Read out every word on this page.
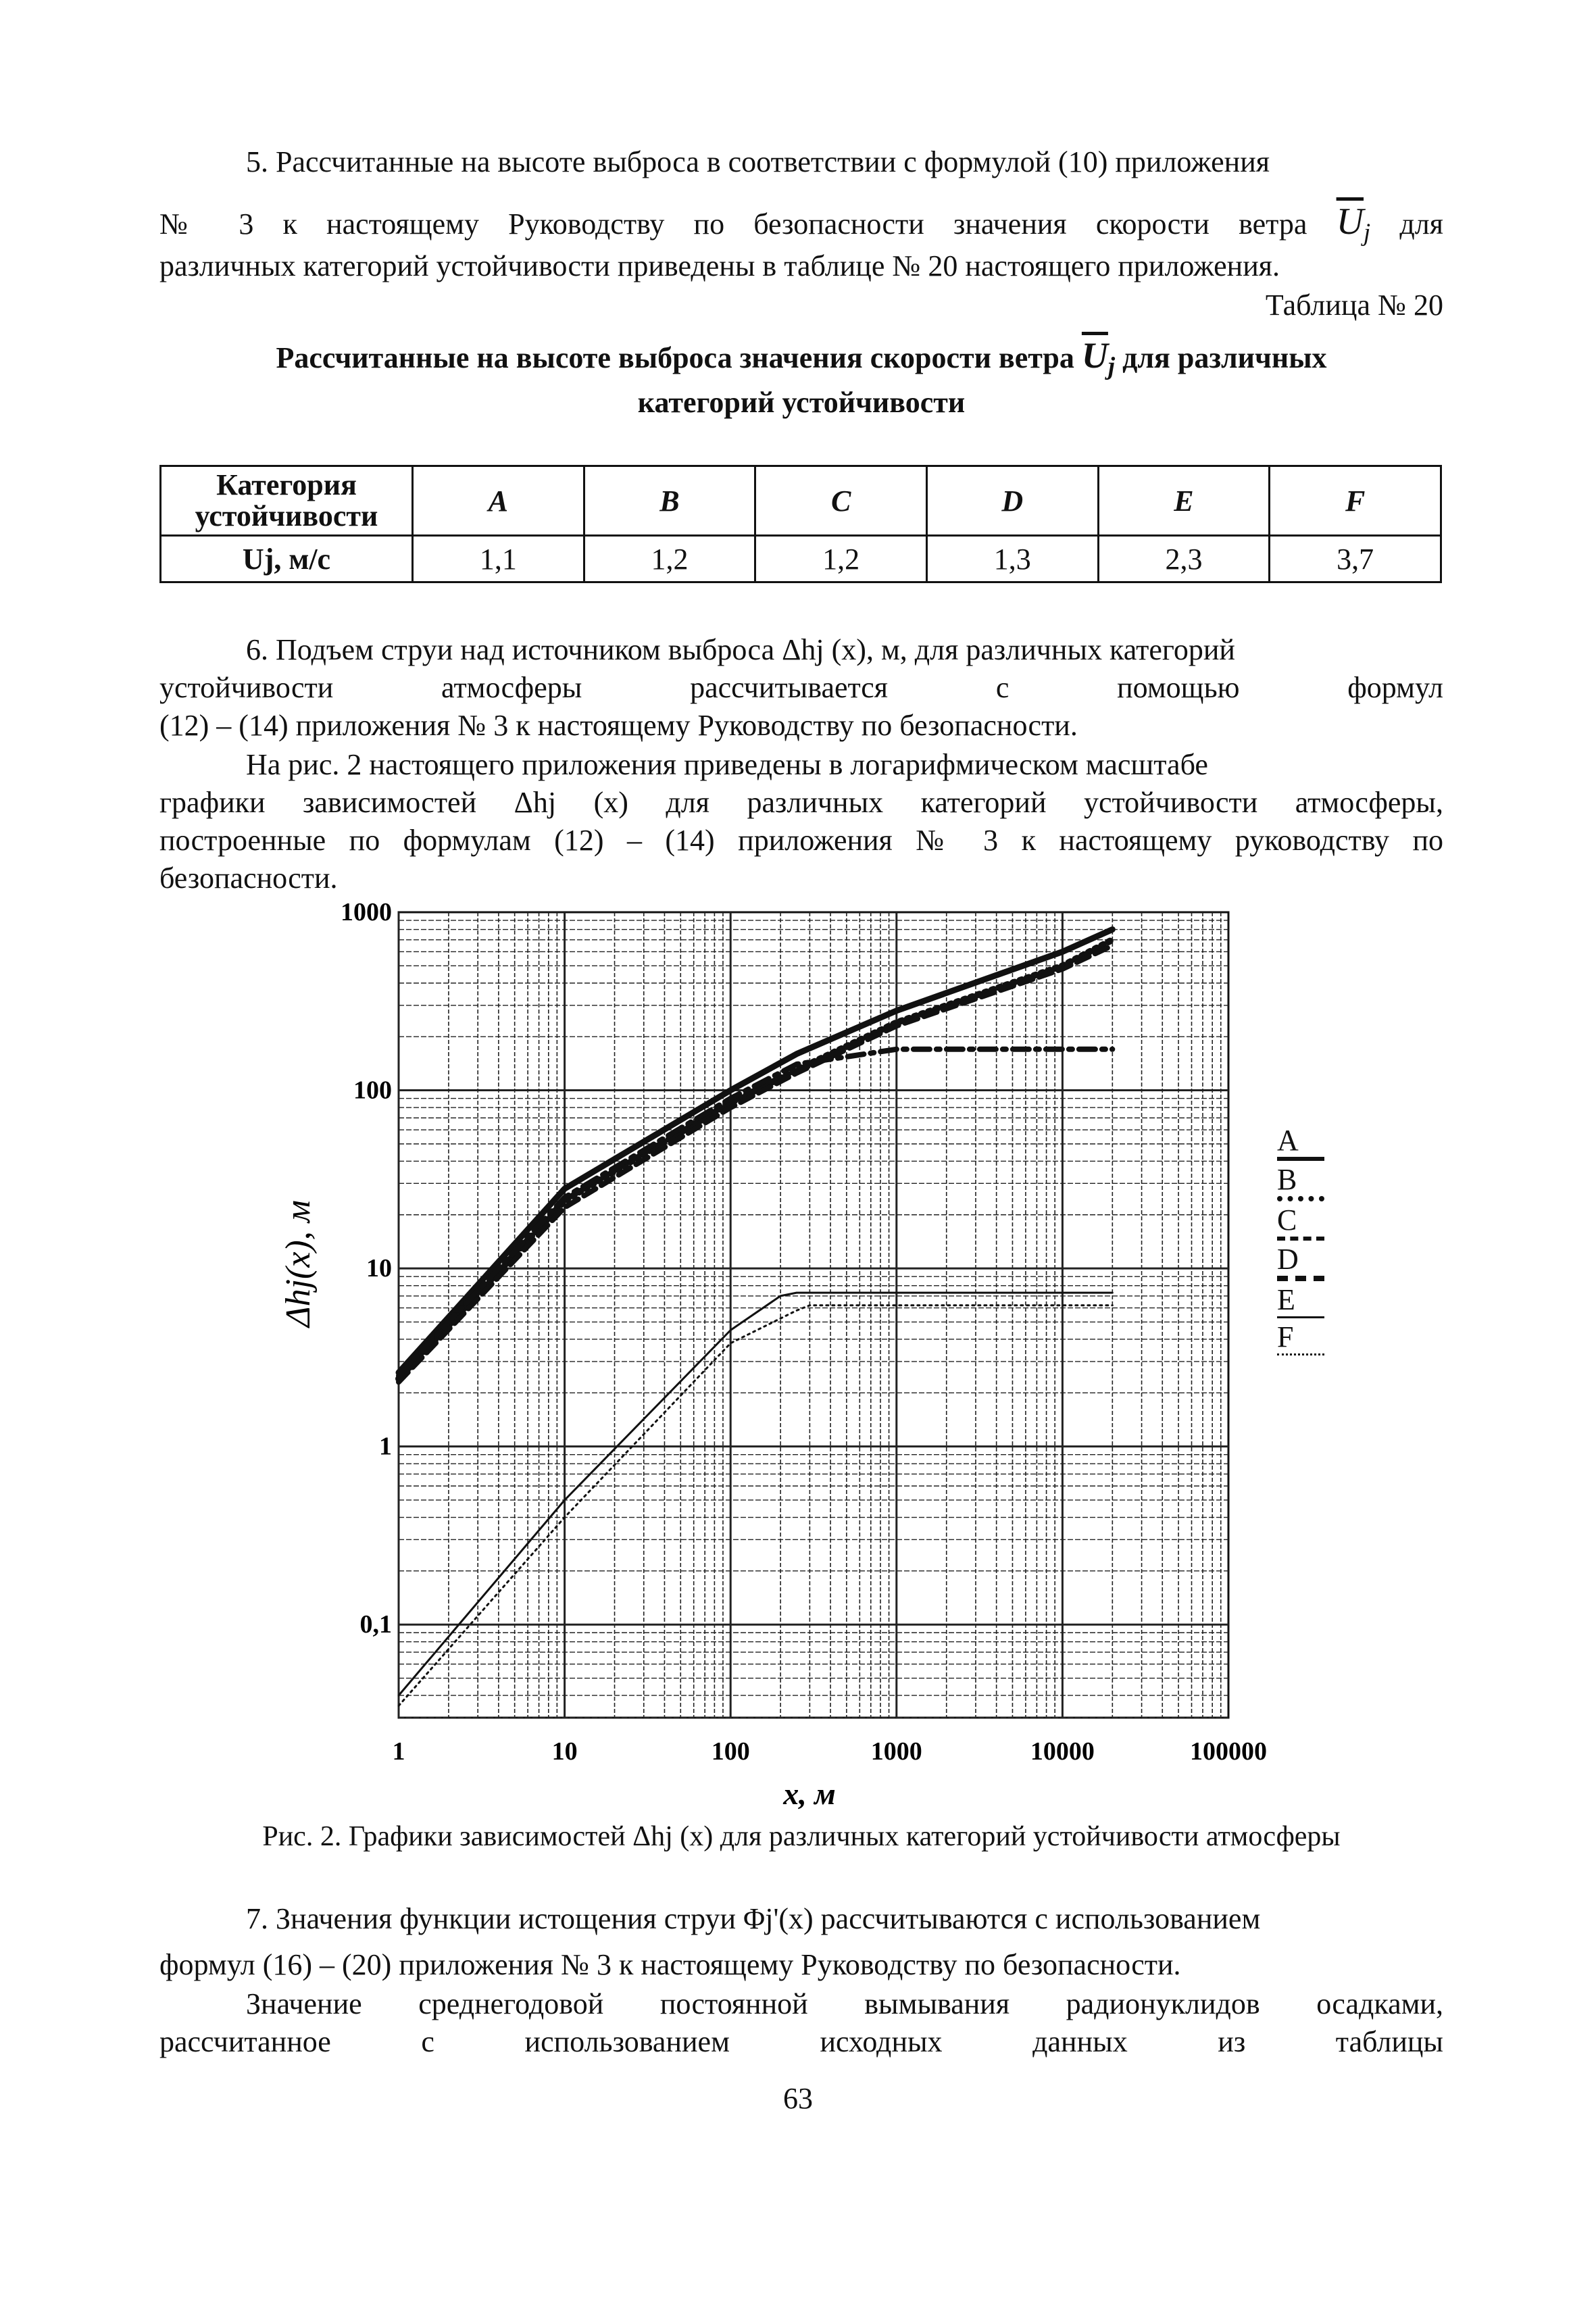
5. Рассчитанные на высоте выброса в соответствии с формулой (10) приложения
№ 3 к настоящему Руководству по безопасности значения скорости ветра $\overline{U}_j$ для
различных категорий устойчивости приведены в таблице № 20 настоящего приложения.
Таблица № 20
Рассчитанные на высоте выброса значения скорости ветра $\overline{U}_j$ для различных
категорий устойчивости
Категория устойчивости	A	B	C	D	E	F
Uj, м/с	1,1	1,2	1,2	1,3	2,3	3,7
6. Подъем струи над источником выброса Δhj (x), м, для различных категорий
устойчивости атмосферы рассчитывается с помощью формул
(12) – (14) приложения № 3 к настоящему Руководству по безопасности.
На рис. 2 настоящего приложения приведены в логарифмическом масштабе
графики зависимостей Δhj (x) для различных категорий устойчивости атмосферы,
построенные по формулам (12) – (14) приложения № 3 к настоящему руководству по
безопасности.
1	10	100	1000	10000	100000
1000
100
10
1
0,1
x, м
Δhj(x), м
A
B
C
D
E
F
Рис. 2. Графики зависимостей Δhj (x) для различных категорий устойчивости атмосферы
7. Значения функции истощения струи Φj'(x) рассчитываются с использованием
формул (16) – (20) приложения № 3 к настоящему Руководству по безопасности.
Значение среднегодовой постоянной вымывания радионуклидов осадками,
рассчитанное с использованием исходных данных из таблицы
63
